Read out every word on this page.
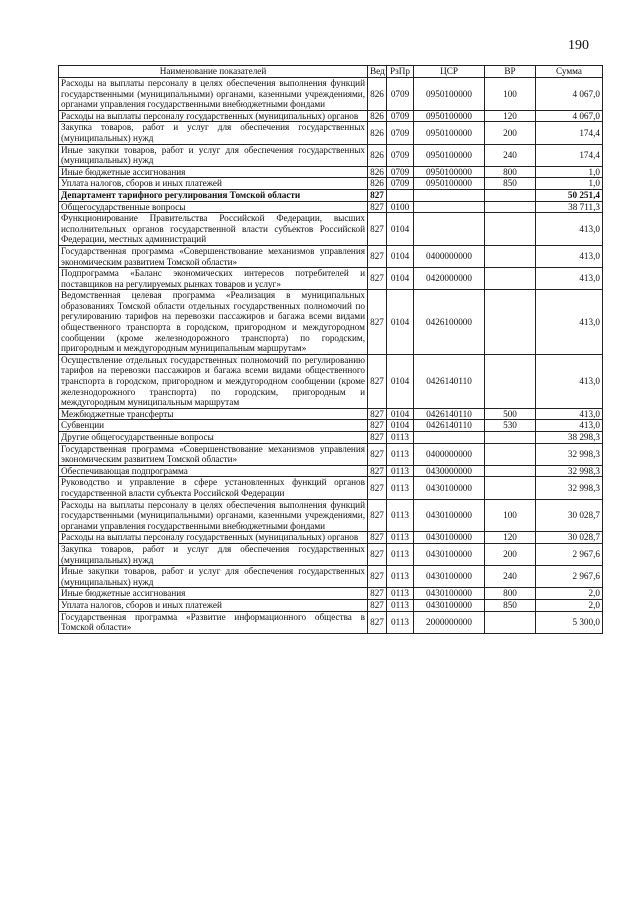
190
Наименование показателей	Вед	РзПр	ЦСР	ВР	Сумма
Расходы на выплаты персоналу в целях обеспечения выполнения функций государственными (муниципальными) органами, казенными учреждениями, органами управления государственными внебюджетными фондами	826	0709	0950100000	100	4 067,0
Расходы на выплаты персоналу государственных (муниципальных) органов	826	0709	0950100000	120	4 067,0
Закупка товаров, работ и услуг для обеспечения государственных (муниципальных) нужд	826	0709	0950100000	200	174,4
Иные закупки товаров, работ и услуг для обеспечения государственных (муниципальных) нужд	826	0709	0950100000	240	174,4
Иные бюджетные ассигнования	826	0709	0950100000	800	1,0
Уплата налогов, сборов и иных платежей	826	0709	0950100000	850	1,0
Департамент тарифного регулирования Томской области	827				50 251,4
Общегосударственные вопросы	827	0100			38 711,3
Функционирование Правительства Российской Федерации, высших исполнительных органов государственной власти субъектов Российской Федерации, местных администраций	827	0104			413,0
Государственная программа «Совершенствование механизмов управления экономическим развитием Томской области»	827	0104	0400000000		413,0
Подпрограмма «Баланс экономических интересов потребителей и поставщиков на регулируемых рынках товаров и услуг»	827	0104	0420000000		413,0
Ведомственная целевая программа «Реализация в муниципальных образованиях Томской области отдельных государственных полномочий по регулированию тарифов на перевозки пассажиров и багажа всеми видами общественного транспорта в городском, пригородном и междугородном сообщении (кроме железнодорожного транспорта) по городским, пригородным и междугородным муниципальным маршрутам»	827	0104	0426100000		413,0
Осуществление отдельных государственных полномочий по регулированию тарифов на перевозки пассажиров и багажа всеми видами общественного транспорта в городском, пригородном и междугородном сообщении (кроме железнодорожного транспорта) по городским, пригородным и междугородным муниципальным маршрутам	827	0104	0426140110		413,0
Межбюджетные трансферты	827	0104	0426140110	500	413,0
Субвенции	827	0104	0426140110	530	413,0
Другие общегосударственные вопросы	827	0113			38 298,3
Государственная программа «Совершенствование механизмов управления экономическим развитием Томской области»	827	0113	0400000000		32 998,3
Обеспечивающая подпрограмма	827	0113	0430000000		32 998,3
Руководство и управление в сфере установленных функций органов государственной власти субъекта Российской Федерации	827	0113	0430100000		32 998,3
Расходы на выплаты персоналу в целях обеспечения выполнения функций государственными (муниципальными) органами, казенными учреждениями, органами управления государственными внебюджетными фондами	827	0113	0430100000	100	30 028,7
Расходы на выплаты персоналу государственных (муниципальных) органов	827	0113	0430100000	120	30 028,7
Закупка товаров, работ и услуг для обеспечения государственных (муниципальных) нужд	827	0113	0430100000	200	2 967,6
Иные закупки товаров, работ и услуг для обеспечения государственных (муниципальных) нужд	827	0113	0430100000	240	2 967,6
Иные бюджетные ассигнования	827	0113	0430100000	800	2,0
Уплата налогов, сборов и иных платежей	827	0113	0430100000	850	2,0
Государственная программа «Развитие информационного общества в Томской области»	827	0113	2000000000		5 300,0
